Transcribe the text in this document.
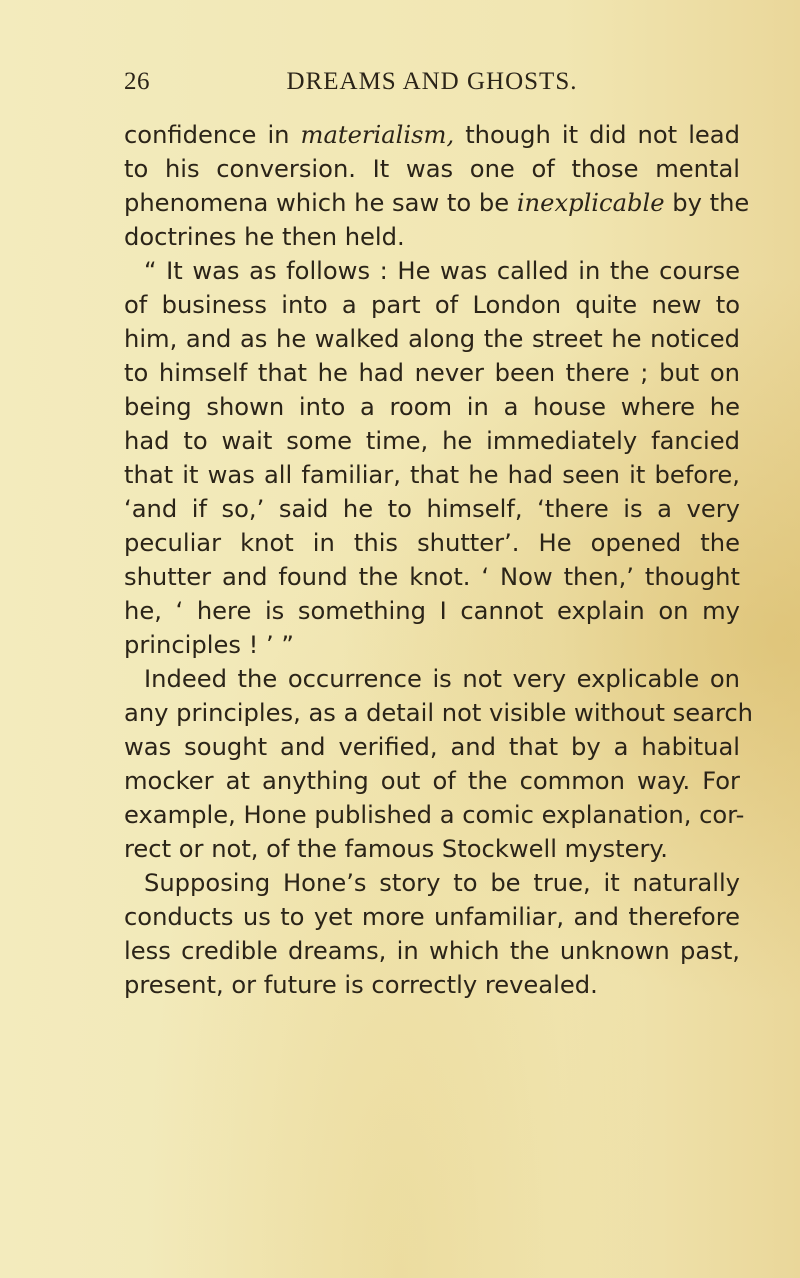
26	DREAMS AND GHOSTS.
confidence in materialism, though it did not lead
to his conversion. It was one of those mental
phenomena which he saw to be inexplicable by the
doctrines he then held.
“ It was as follows : He was called in the course
of business into a part of London quite new to
him, and as he walked along the street he noticed
to himself that he had never been there ; but on
being shown into a room in a house where he
had to wait some time, he immediately fancied
that it was all familiar, that he had seen it before,
‘and if so,’ said he to himself, ‘there is a very
peculiar knot in this shutter’. He opened the
shutter and found the knot. ‘ Now then,’ thought
he, ‘ here is something I cannot explain on my
principles ! ’ ”
Indeed the occurrence is not very explicable on
any principles, as a detail not visible without search
was sought and verified, and that by a habitual
mocker at anything out of the common way. For
example, Hone published a comic explanation, cor-
rect or not, of the famous Stockwell mystery.
Supposing Hone’s story to be true, it naturally
conducts us to yet more unfamiliar, and therefore
less credible dreams, in which the unknown past,
present, or future is correctly revealed.
